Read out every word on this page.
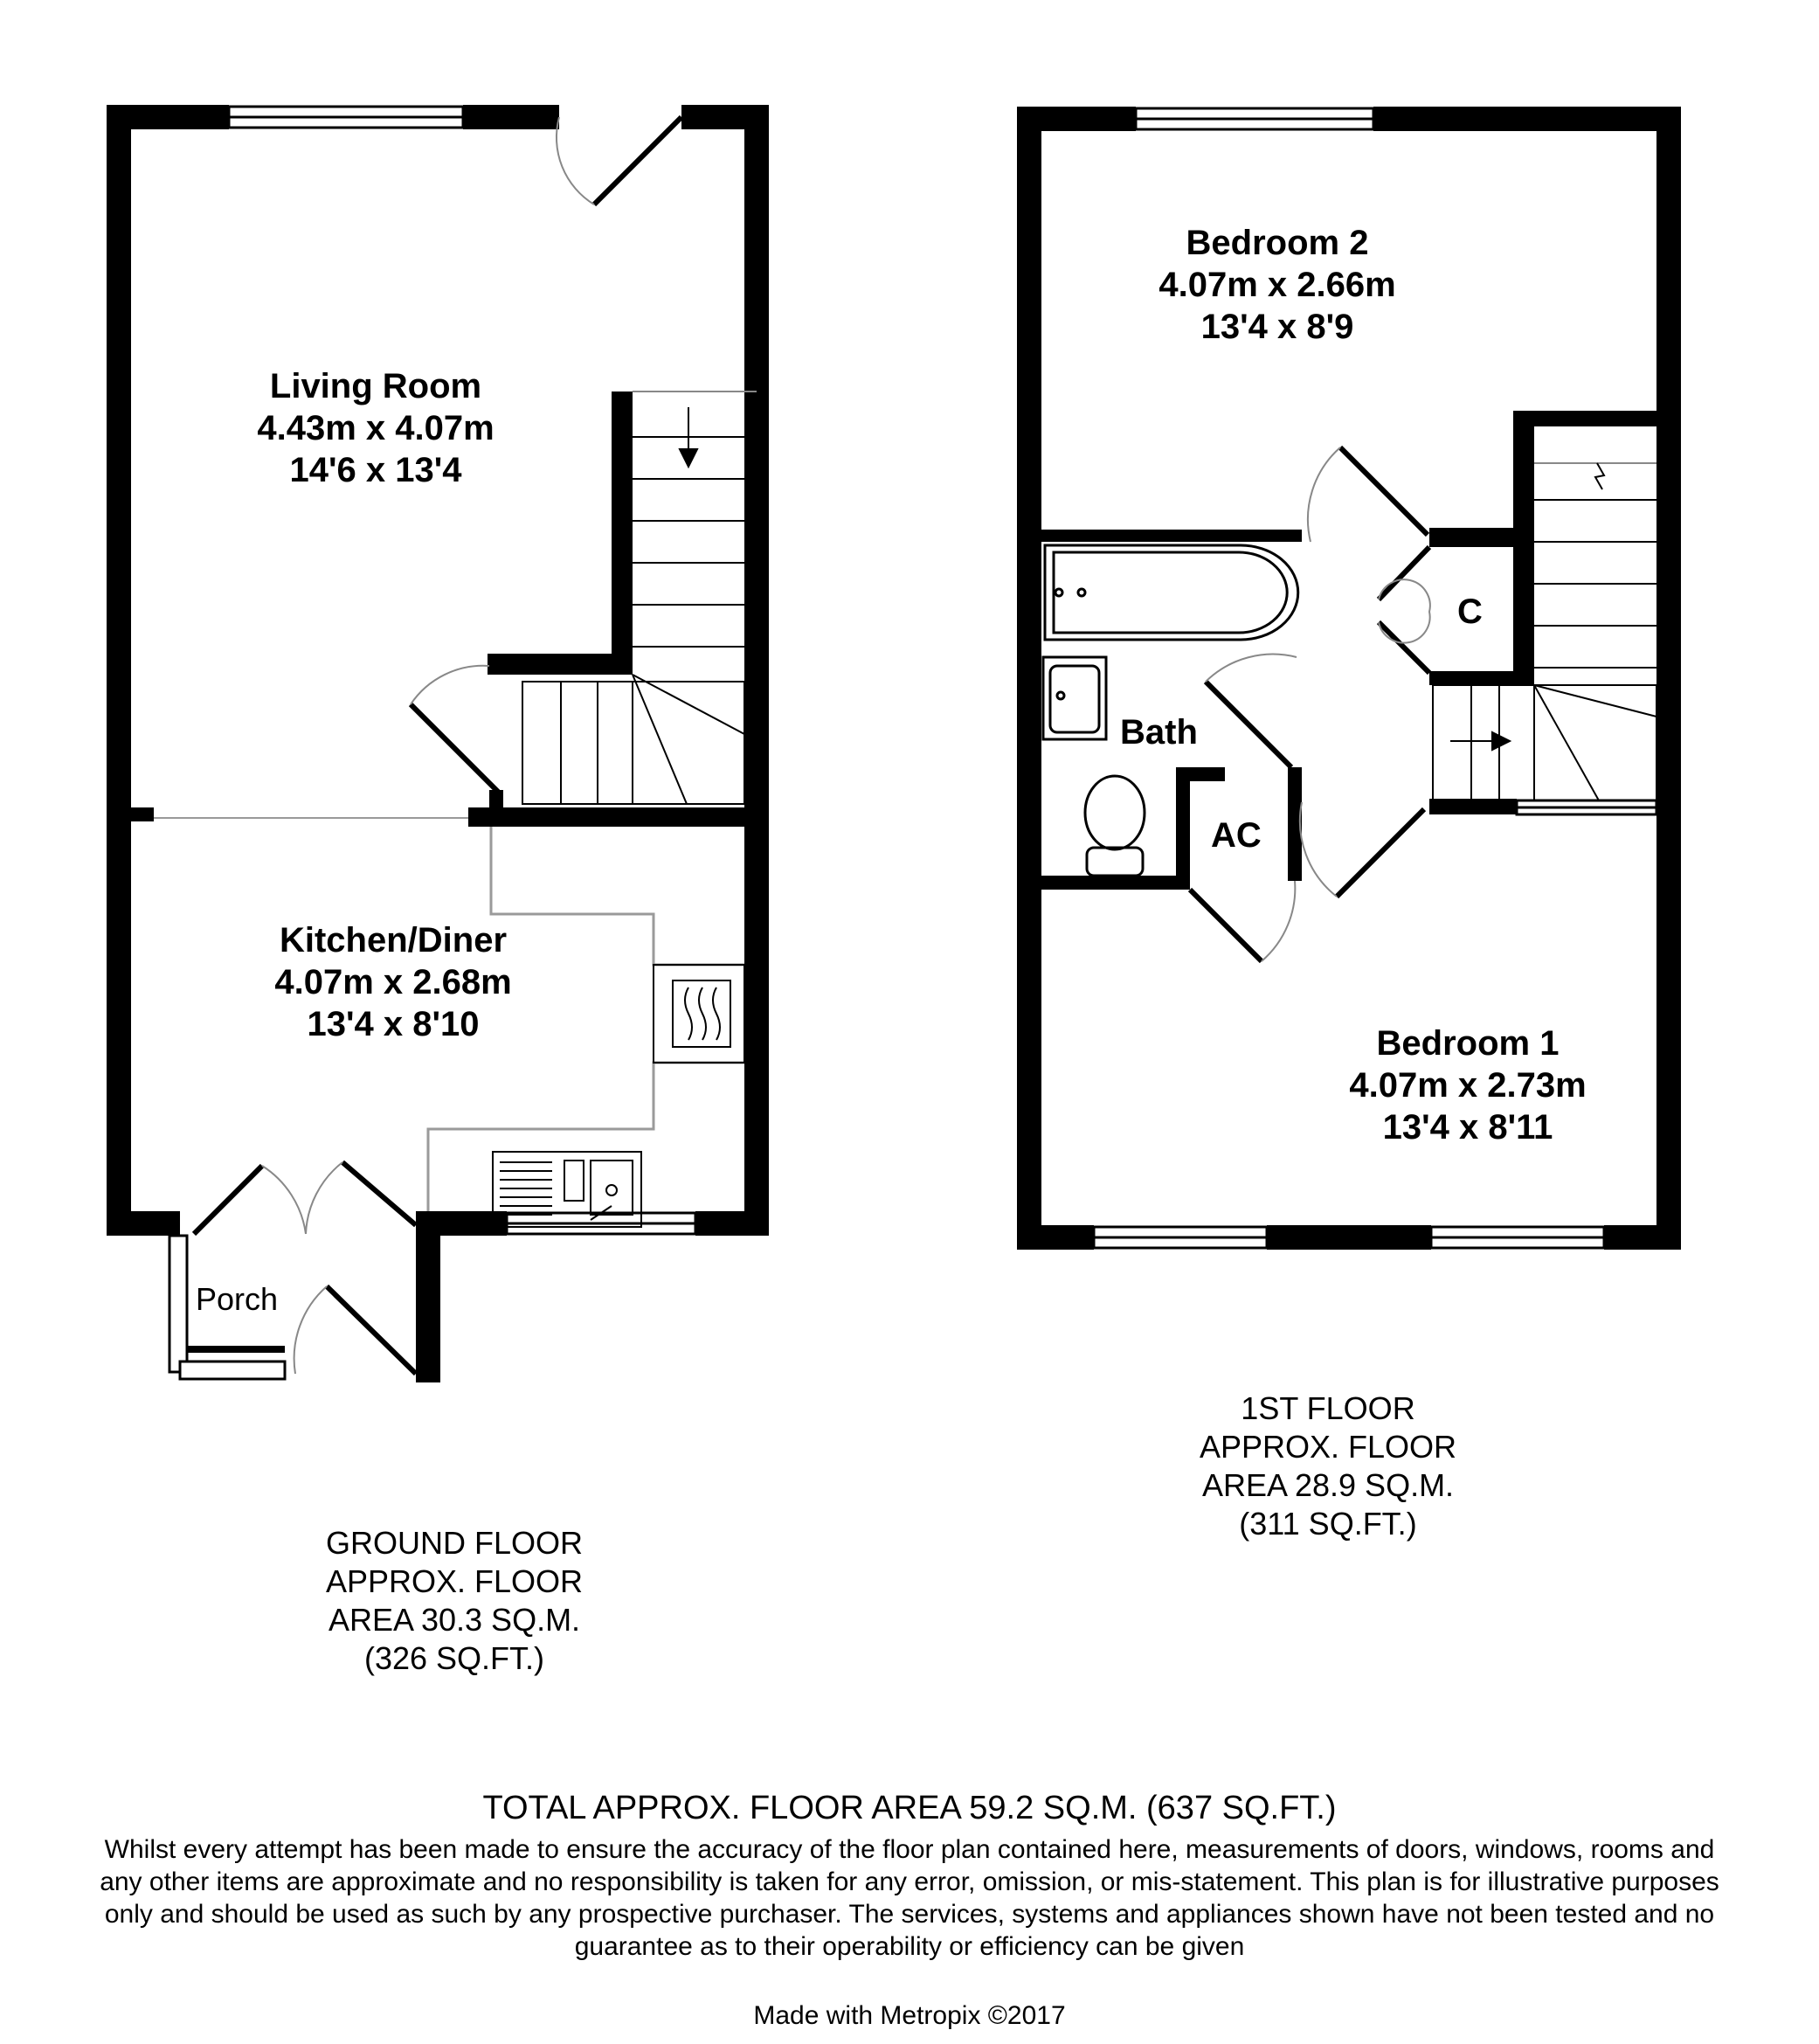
Living Room
4.43m x 4.07m
14'6 x 13'4
Kitchen/Diner
4.07m x 2.68m
13'4 x 8'10
Porch
Bedroom 2
4.07m x 2.66m
13'4 x 8'9
Bedroom 1
4.07m x 2.73m
13'4 x 8'11
Bath
C
AC
GROUND FLOOR
APPROX. FLOOR
AREA 30.3 SQ.M.
(326 SQ.FT.)
1ST FLOOR
APPROX. FLOOR
AREA 28.9 SQ.M.
(311 SQ.FT.)
TOTAL APPROX. FLOOR AREA 59.2 SQ.M. (637 SQ.FT.)
Whilst every attempt has been made to ensure the accuracy of the floor plan contained here, measurements of doors, windows, rooms and any other items are approximate and no responsibility is taken for any error, omission, or mis-statement. This plan is for illustrative purposes only and should be used as such by any prospective purchaser. The services, systems and appliances shown have not been tested and no guarantee as to their operability or efficiency can be given
Made with Metropix ©2017
